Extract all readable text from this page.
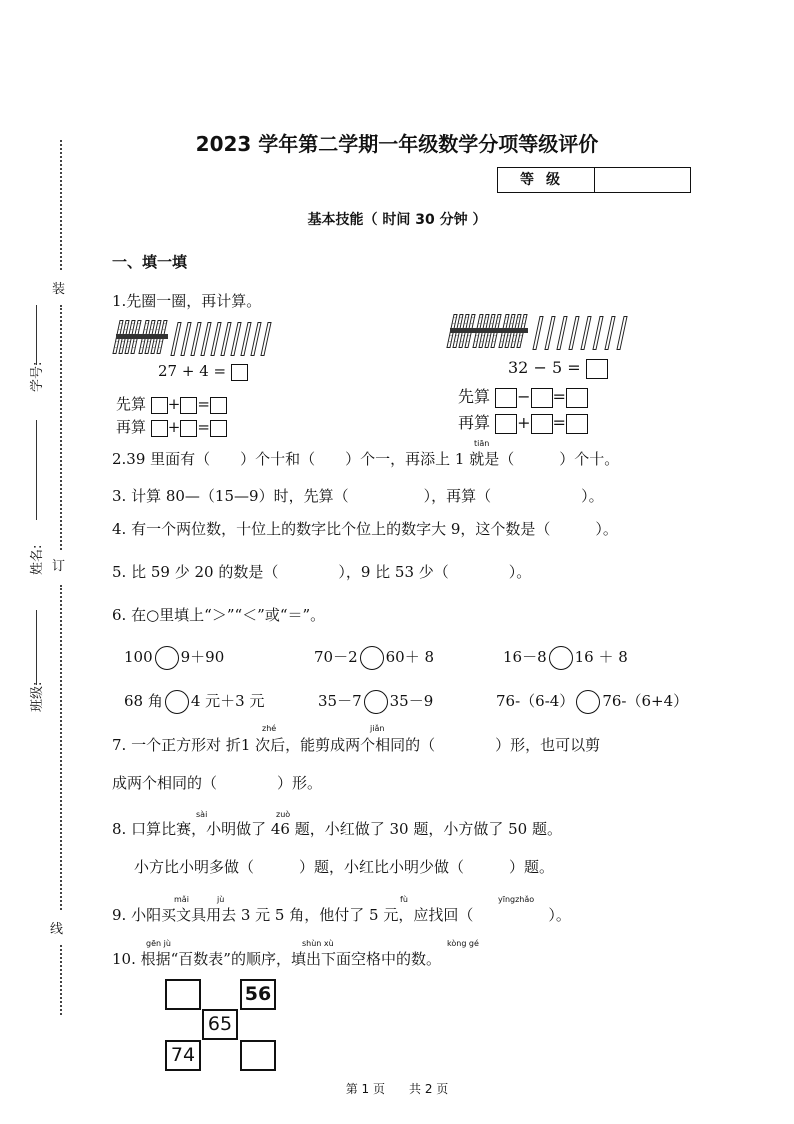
装
订
线
学号:
姓名:
班级:
2023 学年第二学期一年级数学分项等级评价
等级
基本技能（ 时间 30 分钟 ）
一、填一填
1.先圈一圈，再计算。
27 + 4 =
先算 + =
再算 + =
32 − 5 =
先算 − =
再算 + =
tiān
2.39 里面有（　　）个十和（　　）个一，再添上 1 就是（　　　）个十。
3. 计算 80—（15—9）时，先算（　　　　　），再算（　　　　　　）。
4. 有一个两位数，十位上的数字比个位上的数字大 9，这个数是（　　　）。
5. 比 59 少 20 的数是（　　　　），9 比 53 少（　　　　）。
6. 在○里填上“＞”“＜”或“＝”。
100 9＋90	70－2 60＋ 8	16－8 16 ＋ 8
68 角 4 元＋3 元	35－7 35－9	76-（6-4） 76-（6+4）
zhé	jiǎn
7. 一个正方形对 折1 次后，能剪成两个相同的（　　　　）形，也可以剪
成两个相同的（　　　　）形。
sài	zuò
8. 口算比赛，小明做了 46 题，小红做了 30 题，小方做了 50 题。
小方比小明多做（　　　）题，小红比小明少做（　　　）题。
mǎi	jù	fù	yīngzhǎo
9. 小阳买文具用去 3 元 5 角，他付了 5 元，应找回（　　　　　）。
gēn jù	shùn xù	kòng gé
10. 根据“百数表”的顺序，填出下面空格中的数。
56
65
74
第 1 页　　共 2 页
